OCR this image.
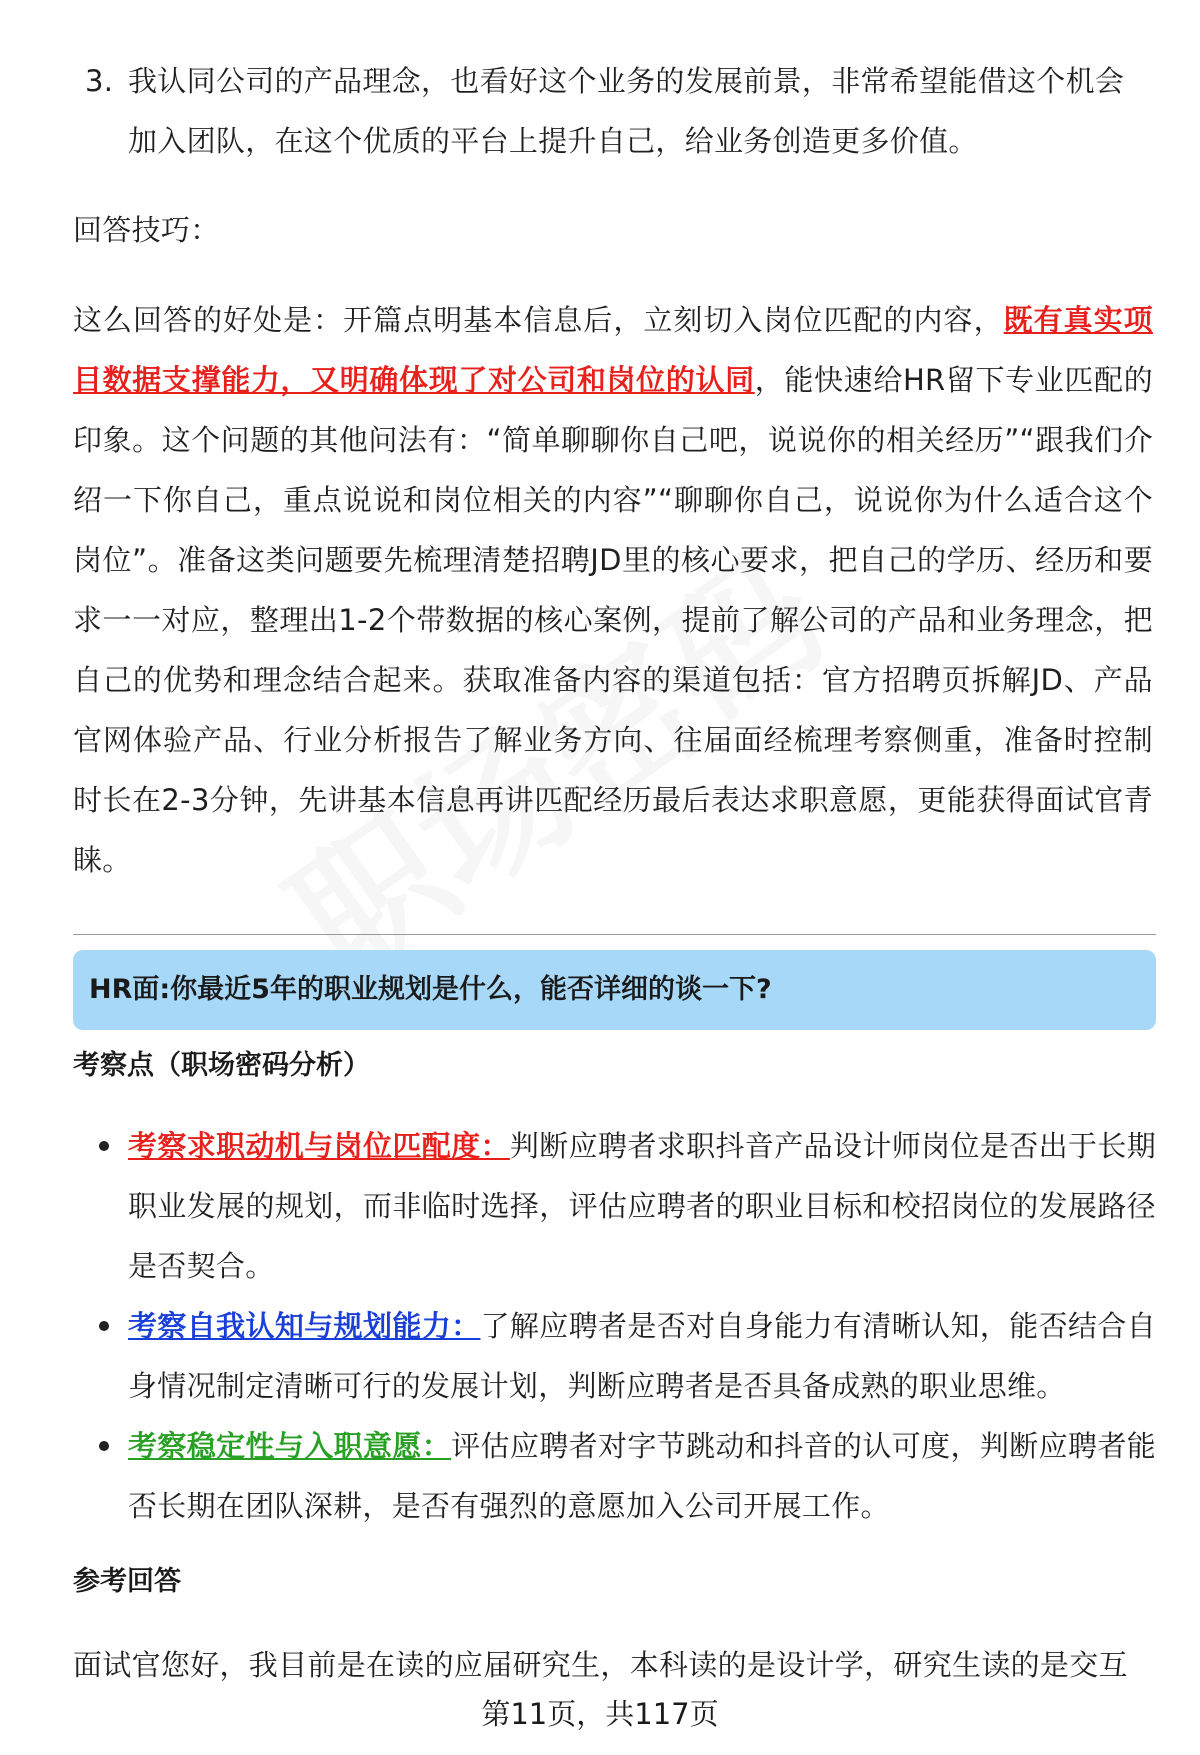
3. 我认同公司的产品理念，也看好这个业务的发展前景，非常希望能借这个机会加入团队，在这个优质的平台上提升自己，给业务创造更多价值。
回答技巧：
这么回答的好处是：开篇点明基本信息后，立刻切入岗位匹配的内容，既有真实项目数据支撑能力，又明确体现了对公司和岗位的认同，能快速给HR留下专业匹配的印象。这个问题的其他问法有：“简单聊聊你自己吧，说说你的相关经历”“跟我们介绍一下你自己，重点说说和岗位相关的内容”“聊聊你自己，说说你为什么适合这个岗位”。准备这类问题要先梳理清楚招聘JD里的核心要求，把自己的学历、经历和要求一一对应，整理出1-2个带数据的核心案例，提前了解公司的产品和业务理念，把自己的优势和理念结合起来。获取准备内容的渠道包括：官方招聘页拆解JD、产品官网体验产品、行业分析报告了解业务方向、往届面经梳理考察侧重，准备时控制时长在2-3分钟，先讲基本信息再讲匹配经历最后表达求职意愿，更能获得面试官青睐。
HR面:你最近5年的职业规划是什么，能否详细的谈一下?
考察点（职场密码分析）
考察求职动机与岗位匹配度：判断应聘者求职抖音产品设计师岗位是否出于长期职业发展的规划，而非临时选择，评估应聘者的职业目标和校招岗位的发展路径是否契合。
考察自我认知与规划能力：了解应聘者是否对自身能力有清晰认知，能否结合自身情况制定清晰可行的发展计划，判断应聘者是否具备成熟的职业思维。
考察稳定性与入职意愿：评估应聘者对字节跳动和抖音的认可度，判断应聘者能否长期在团队深耕，是否有强烈的意愿加入公司开展工作。
参考回答
面试官您好，我目前是在读的应届研究生，本科读的是设计学，研究生读的是交互
第11页，共117页
